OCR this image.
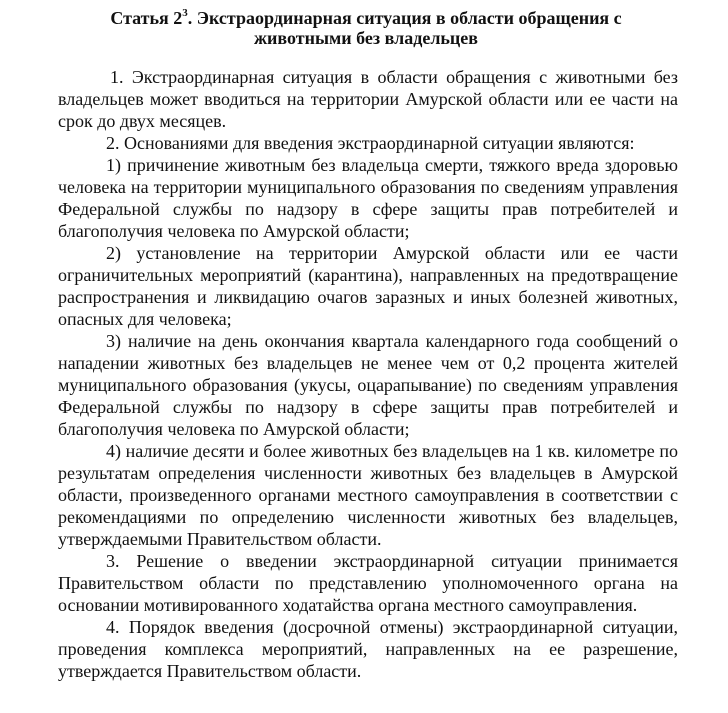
Статья $2^3$. Экстраординарная ситуация в области обращения с животными без владельцев

1. Экстраординарная ситуация в области обращения с животными без владельцев может вводиться на территории Амурской области или ее части на срок до двух месяцев.

2. Основаниями для введения экстраординарной ситуации являются:

1) причинение животным без владельца смерти, тяжкого вреда здоровью человека на территории муниципального образования по сведениям управления Федеральной службы по надзору в сфере защиты прав потребителей и благополучия человека по Амурской области;

2) установление на территории Амурской области или ее части ограничительных мероприятий (карантина), направленных на предотвращение распространения и ликвидацию очагов заразных и иных болезней животных, опасных для человека;

3) наличие на день окончания квартала календарного года сообщений о нападении животных без владельцев не менее чем от 0,2 процента жителей муниципального образования (укусы, оцарапывание) по сведениям управления Федеральной службы по надзору в сфере защиты прав потребителей и благополучия человека по Амурской области;

4) наличие десяти и более животных без владельцев на 1 кв. километре по результатам определения численности животных без владельцев в Амурской области, произведенного органами местного самоуправления в соответствии с рекомендациями по определению численности животных без владельцев, утверждаемыми Правительством области.

3. Решение о введении экстраординарной ситуации принимается Правительством области по представлению уполномоченного органа на основании мотивированного ходатайства органа местного самоуправления.

4. Порядок введения (досрочной отмены) экстраординарной ситуации, проведения комплекса мероприятий, направленных на ее разрешение, утверждается Правительством области.
